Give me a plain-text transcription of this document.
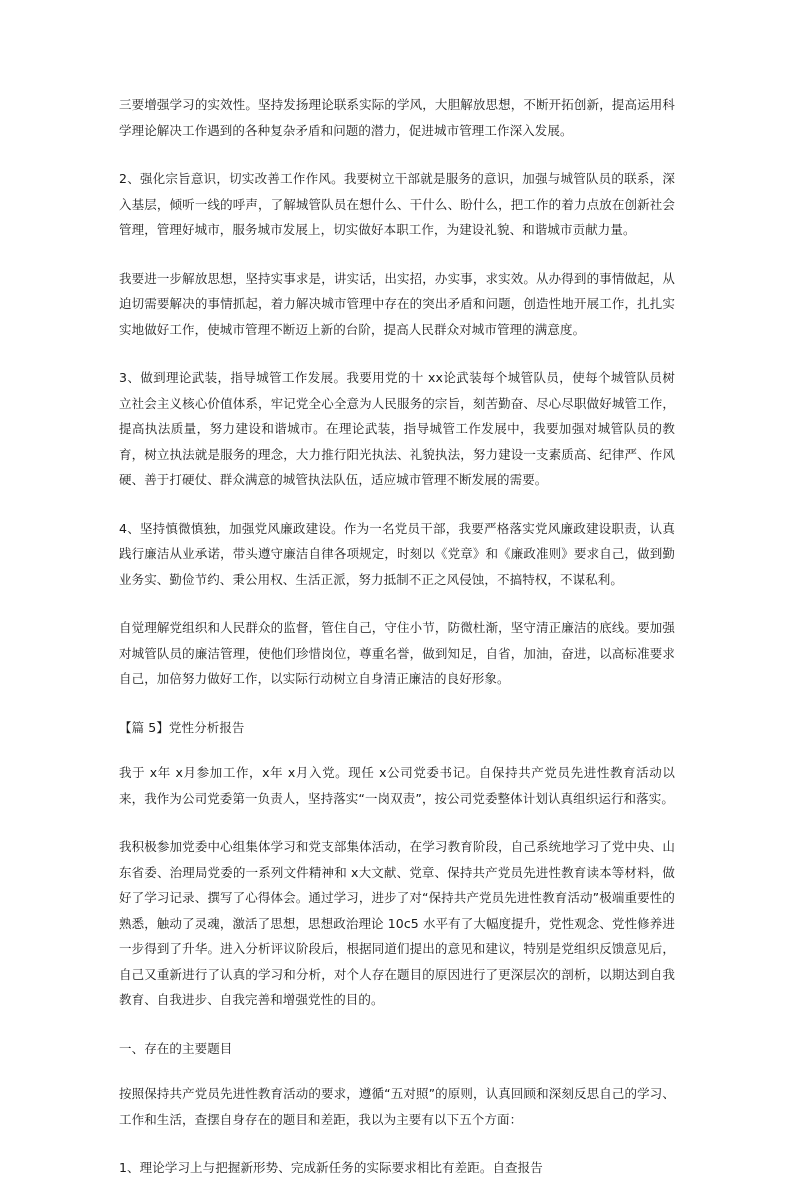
三要增强学习的实效性。坚持发扬理论联系实际的学风，大胆解放思想，不断开拓创新，提高运用科学理论解决工作遇到的各种复杂矛盾和问题的潜力，促进城市管理工作深入发展。

2、强化宗旨意识，切实改善工作作风。我要树立干部就是服务的意识，加强与城管队员的联系，深入基层，倾听一线的呼声，了解城管队员在想什么、干什么、盼什么，把工作的着力点放在创新社会管理，管理好城市，服务城市发展上，切实做好本职工作，为建设礼貌、和谐城市贡献力量。

我要进一步解放思想，坚持实事求是，讲实话，出实招，办实事，求实效。从办得到的事情做起，从迫切需要解决的事情抓起，着力解决城市管理中存在的突出矛盾和问题，创造性地开展工作，扎扎实实地做好工作，使城市管理不断迈上新的台阶，提高人民群众对城市管理的满意度。

3、做到理论武装，指导城管工作发展。我要用党的十 xx论武装每个城管队员，使每个城管队员树立社会主义核心价值体系，牢记党全心全意为人民服务的宗旨，刻苦勤奋、尽心尽职做好城管工作，提高执法质量，努力建设和谐城市。在理论武装，指导城管工作发展中，我要加强对城管队员的教育，树立执法就是服务的理念，大力推行阳光执法、礼貌执法，努力建设一支素质高、纪律严、作风硬、善于打硬仗、群众满意的城管执法队伍，适应城市管理不断发展的需要。

4、坚持慎微慎独，加强党风廉政建设。作为一名党员干部，我要严格落实党风廉政建设职责，认真践行廉洁从业承诺，带头遵守廉洁自律各项规定，时刻以《党章》和《廉政准则》要求自己，做到勤业务实、勤俭节约、秉公用权、生活正派，努力抵制不正之风侵蚀，不搞特权，不谋私利。

自觉理解党组织和人民群众的监督，管住自己，守住小节，防微杜渐，坚守清正廉洁的底线。要加强对城管队员的廉洁管理，使他们珍惜岗位，尊重名誉，做到知足，自省，加油，奋进，以高标准要求自己，加倍努力做好工作，以实际行动树立自身清正廉洁的良好形象。

【篇 5】党性分析报告

我于 x年 x月参加工作，x年 x月入党。现任 x公司党委书记。自保持共产党员先进性教育活动以来，我作为公司党委第一负责人，坚持落实“一岗双责”，按公司党委整体计划认真组织运行和落实。

我积极参加党委中心组集体学习和党支部集体活动，在学习教育阶段，自己系统地学习了党中央、山东省委、治理局党委的一系列文件精神和 x大文献、党章、保持共产党员先进性教育读本等材料，做好了学习记录、撰写了心得体会。通过学习，进步了对“保持共产党员先进性教育活动”极端重要性的熟悉，触动了灵魂，激活了思想，思想政治理论 10c5 水平有了大幅度提升，党性观念、党性修养进一步得到了升华。进入分析评议阶段后，根据同道们提出的意见和建议，特别是党组织反馈意见后，自己又重新进行了认真的学习和分析，对个人存在题目的原因进行了更深层次的剖析，以期达到自我教育、自我进步、自我完善和增强党性的目的。

一、存在的主要题目

按照保持共产党员先进性教育活动的要求，遵循“五对照”的原则，认真回顾和深刻反思自己的学习、工作和生活，查摆自身存在的题目和差距，我以为主要有以下五个方面：

1、理论学习上与把握新形势、完成新任务的实际要求相比有差距。自查报告
